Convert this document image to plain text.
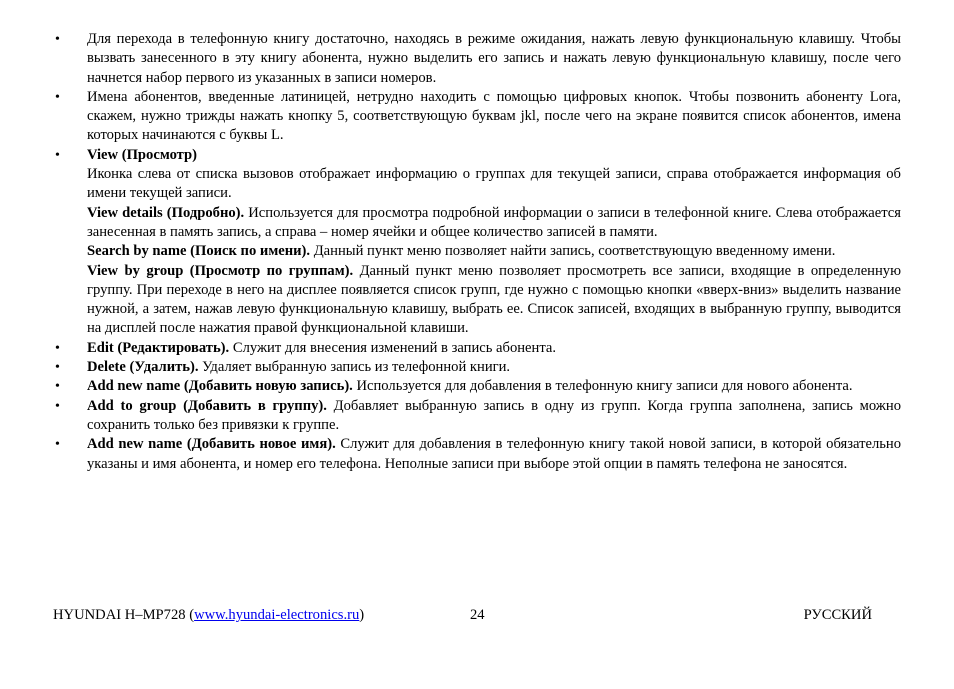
• Для перехода в телефонную книгу достаточно, находясь в режиме ожидания, нажать левую функциональную клавишу. Чтобы вызвать занесенного в эту книгу абонента, нужно выделить его запись и нажать левую функциональную клавишу, после чего начнется набор первого из указанных в записи номеров.

• Имена абонентов, введенные латиницей, нетрудно находить с помощью цифровых кнопок. Чтобы позвонить абоненту Lora, скажем, нужно трижды нажать кнопку 5, соответствующую буквам jkl, после чего на экране появится список абонентов, имена которых начинаются с буквы L.

• View (Просмотр)

Иконка слева от списка вызовов отображает информацию о группах для текущей записи, справа отображается информация об имени текущей записи.

View details (Подробно). Используется для просмотра подробной информации о записи в телефонной книге. Слева отображается занесенная в память запись, а справа – номер ячейки и общее количество записей в памяти.

Search by name (Поиск по имени). Данный пункт меню позволяет найти запись, соответствующую введенному имени.

View by group (Просмотр по группам). Данный пункт меню позволяет просмотреть все записи, входящие в определенную группу. При переходе в него на дисплее появляется список групп, где нужно с помощью кнопки «вверх-вниз» выделить название нужной, а затем, нажав левую функциональную клавишу, выбрать ее. Список записей, входящих в выбранную группу, выводится на дисплей после нажатия правой функциональной клавиши.

• Edit (Редактировать). Служит для внесения изменений в запись абонента.

• Delete (Удалить). Удаляет выбранную запись из телефонной книги.

• Add new name (Добавить новую запись). Используется для добавления в телефонную книгу записи для нового абонента.

• Add to group (Добавить в группу). Добавляет выбранную запись в одну из групп. Когда группа заполнена, запись можно сохранить только без привязки к группе.

• Add new name (Добавить новое имя). Служит для добавления в телефонную книгу такой новой записи, в которой обязательно указаны и имя абонента, и номер его телефона. Неполные записи при выборе этой опции в память телефона не заносятся.

HYUNDAI H–MP728 (www.hyundai-electronics.ru)	24	РУССКИЙ
